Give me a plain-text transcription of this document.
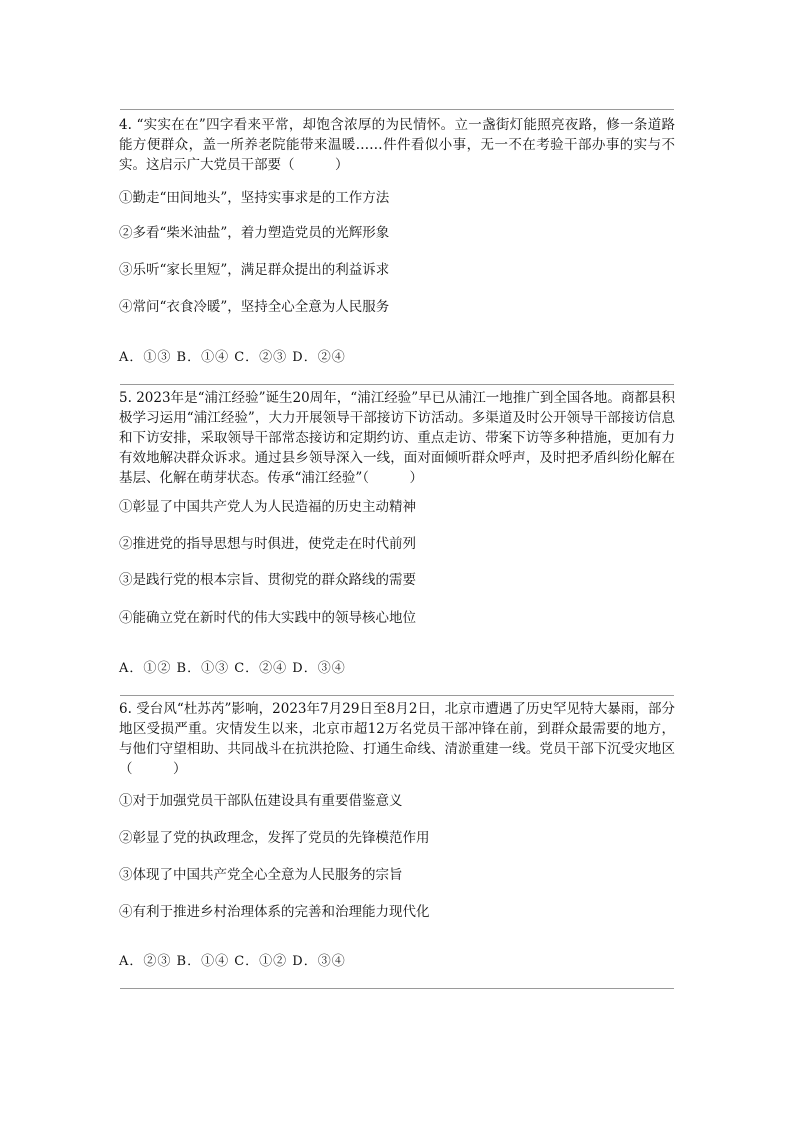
4. “实实在在”四字看来平常，却饱含浓厚的为民情怀。立一盏街灯能照亮夜路，修一条道路能方便群众，盖一所养老院能带来温暖……件件看似小事，无一不在考验干部办事的实与不实。这启示广大党员干部要（　　　）

①勤走“田间地头”，坚持实事求是的工作方法

②多看“柴米油盐”，着力塑造党员的光辉形象

③乐听“家长里短”，满足群众提出的利益诉求

④常问“衣食冷暖”，坚持全心全意为人民服务

A．①③ B．①④ C．②③ D．②④

5. 2023年是“浦江经验”诞生20周年，“浦江经验”早已从浦江一地推广到全国各地。商都县积极学习运用“浦江经验”，大力开展领导干部接访下访活动。多渠道及时公开领导干部接访信息和下访安排，采取领导干部常态接访和定期约访、重点走访、带案下访等多种措施，更加有力有效地解决群众诉求。通过县乡领导深入一线，面对面倾听群众呼声，及时把矛盾纠纷化解在基层、化解在萌芽状态。传承“浦江经验”（　　　）

①彰显了中国共产党人为人民造福的历史主动精神

②推进党的指导思想与时俱进，使党走在时代前列

③是践行党的根本宗旨、贯彻党的群众路线的需要

④能确立党在新时代的伟大实践中的领导核心地位

A．①② B．①③ C．②④ D．③④

6. 受台风“杜苏芮”影响，2023年7月29日至8月2日，北京市遭遇了历史罕见特大暴雨，部分地区受损严重。灾情发生以来，北京市超12万名党员干部冲锋在前，到群众最需要的地方，与他们守望相助、共同战斗在抗洪抢险、打通生命线、清淤重建一线。党员干部下沉受灾地区（　　　）

①对于加强党员干部队伍建设具有重要借鉴意义

②彰显了党的执政理念，发挥了党员的先锋模范作用

③体现了中国共产党全心全意为人民服务的宗旨

④有利于推进乡村治理体系的完善和治理能力现代化

A．②③ B．①④ C．①② D．③④
